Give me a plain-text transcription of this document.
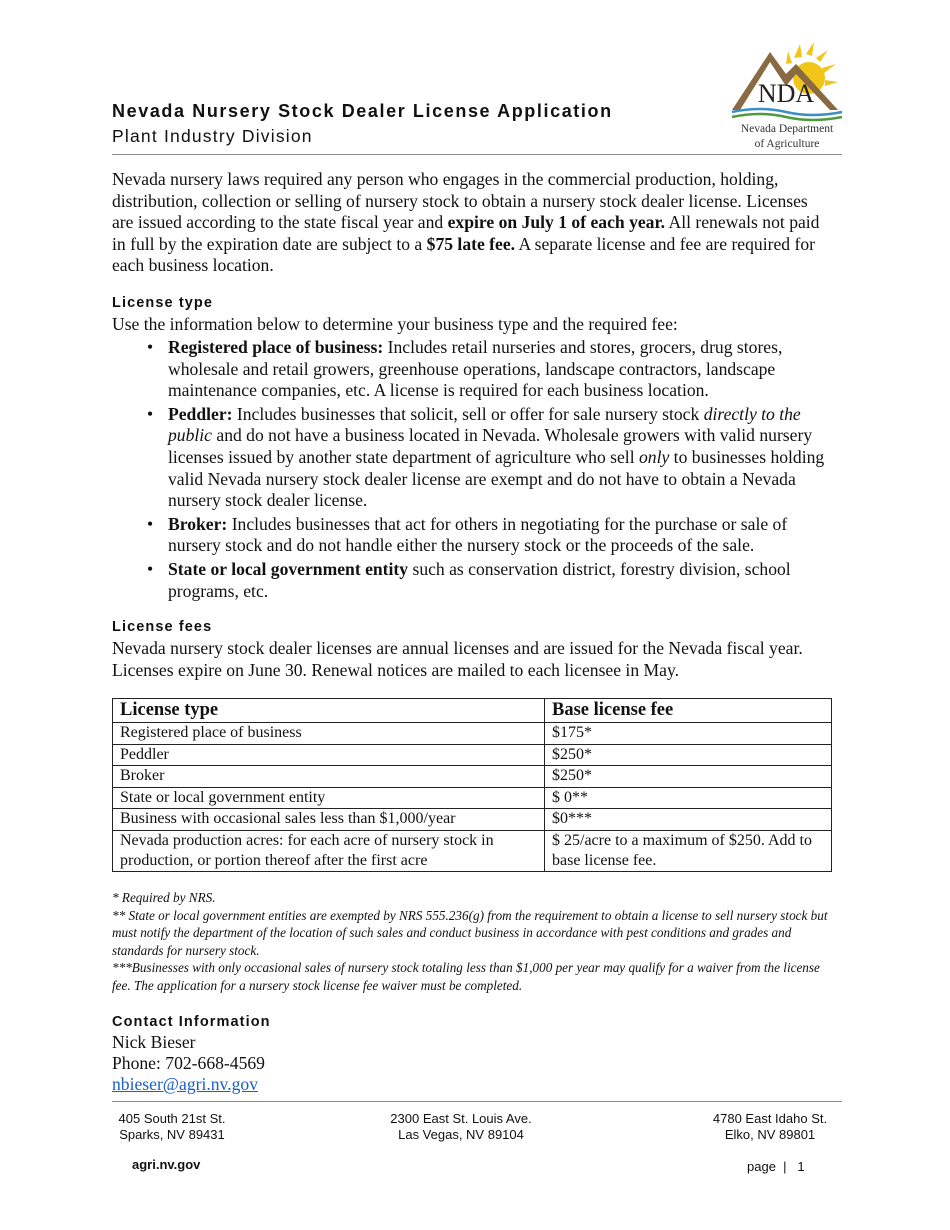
Nevada Nursery Stock Dealer License Application
Plant Industry Division
NDA
Nevada Department
of Agriculture
Nevada nursery laws required any person who engages in the commercial production, holding, distribution, collection or selling of nursery stock to obtain a nursery stock dealer license. Licenses are issued according to the state fiscal year and expire on July 1 of each year. All renewals not paid in full by the expiration date are subject to a $75 late fee. A separate license and fee are required for each business location.
License type
Use the information below to determine your business type and the required fee:
• Registered place of business: Includes retail nurseries and stores, grocers, drug stores, wholesale and retail growers, greenhouse operations, landscape contractors, landscape maintenance companies, etc. A license is required for each business location.
• Peddler: Includes businesses that solicit, sell or offer for sale nursery stock directly to the public and do not have a business located in Nevada. Wholesale growers with valid nursery licenses issued by another state department of agriculture who sell only to businesses holding valid Nevada nursery stock dealer license are exempt and do not have to obtain a Nevada nursery stock dealer license.
• Broker: Includes businesses that act for others in negotiating for the purchase or sale of nursery stock and do not handle either the nursery stock or the proceeds of the sale.
• State or local government entity such as conservation district, forestry division, school programs, etc.
License fees
Nevada nursery stock dealer licenses are annual licenses and are issued for the Nevada fiscal year. Licenses expire on June 30. Renewal notices are mailed to each licensee in May.
License type	Base license fee
Registered place of business	$175*
Peddler	$250*
Broker	$250*
State or local government entity	$ 0**
Business with occasional sales less than $1,000/year	$0***
Nevada production acres: for each acre of nursery stock in production, or portion thereof after the first acre	$ 25/acre to a maximum of $250. Add to base license fee.

* Required by NRS.

** State or local government entities are exempted by NRS 555.236(g) from the requirement to obtain a license to sell nursery stock but must notify the department of the location of such sales and conduct business in accordance with pest conditions and grades and standards for nursery stock.

***Businesses with only occasional sales of nursery stock totaling less than $1,000 per year may qualify for a waiver from the license fee. The application for a nursery stock license fee waiver must be completed.

Contact Information
Nick Bieser
Phone: 702-668-4569
nbieser@agri.nv.gov
405 South 21st St.
Sparks, NV 89431
2300 East St. Louis Ave.
Las Vegas, NV 89104
4780 East Idaho St.
Elko, NV 89801
agri.nv.gov	page | 1
